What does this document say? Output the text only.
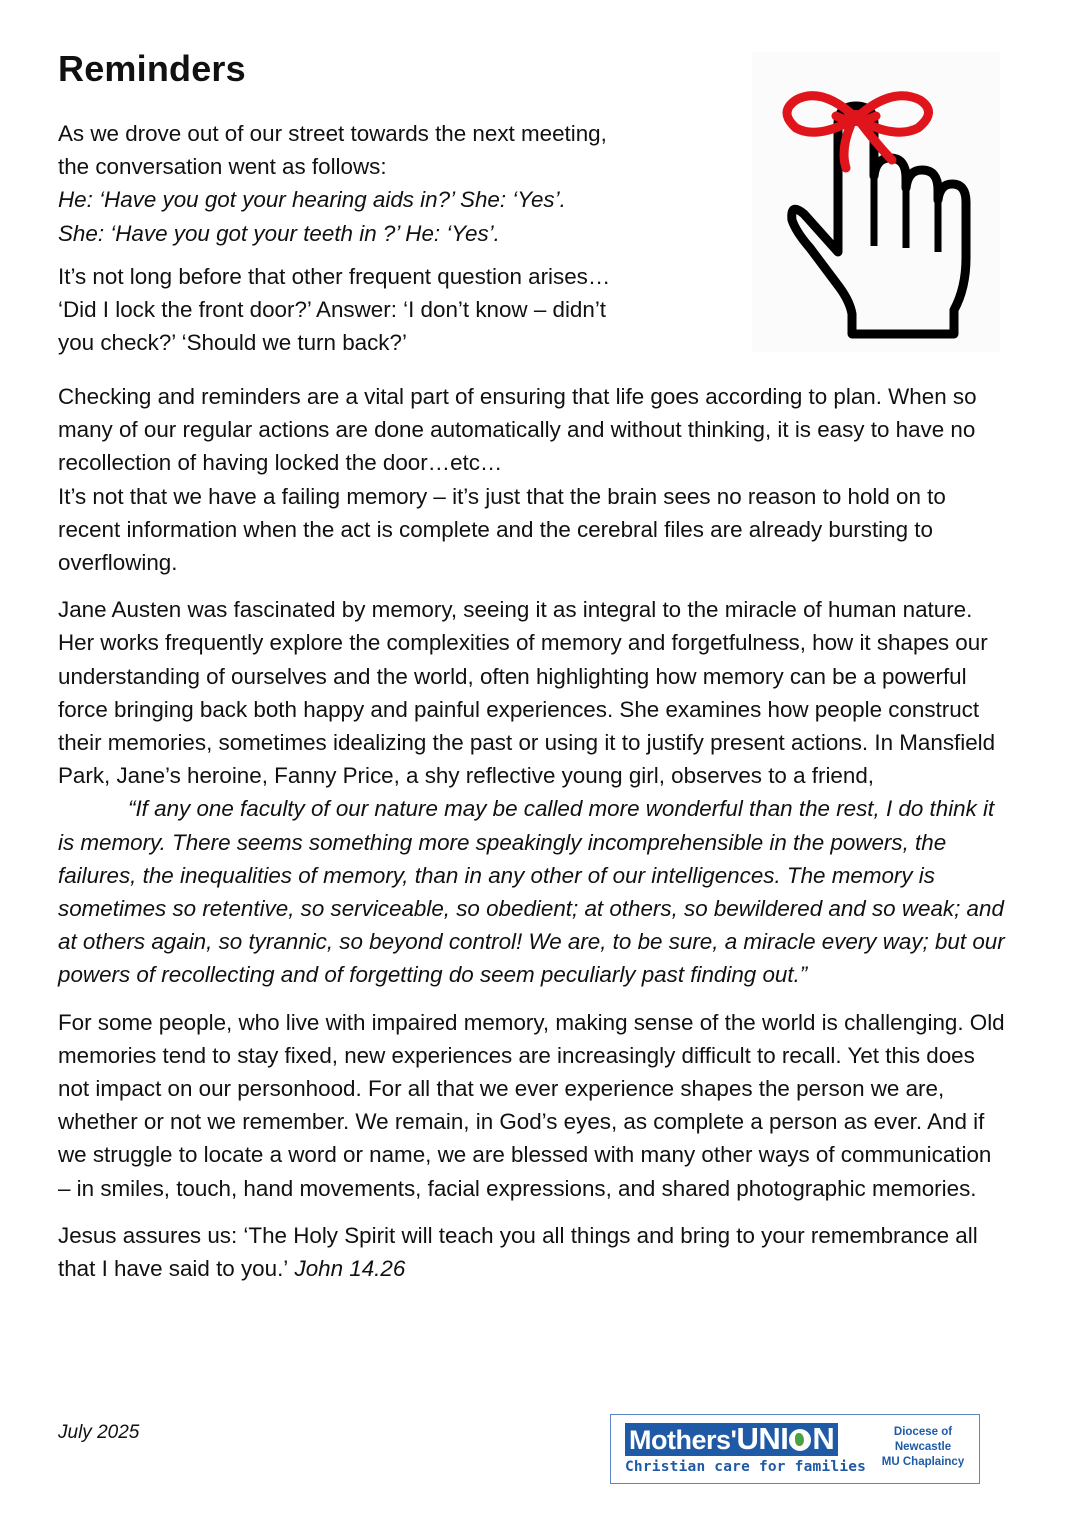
Reminders

As we drove out of our street towards the next meeting,
the conversation went as follows:
He: ‘Have you got your hearing aids in?’ She: ‘Yes’.
She: ‘Have you got your teeth in ?’ He: ‘Yes’.

It’s not long before that other frequent question arises…
‘Did I lock the front door?’ Answer: ‘I don’t know – didn’t
you check?’ ‘Should we turn back?’

Checking and reminders are a vital part of ensuring that life goes according to plan. When so many of our regular actions are done automatically and without thinking, it is easy to have no recollection of having locked the door…etc…
It’s not that we have a failing memory – it’s just that the brain sees no reason to hold on to recent information when the act is complete and the cerebral files are already bursting to overflowing.

Jane Austen was fascinated by memory, seeing it as integral to the miracle of human nature. Her works frequently explore the complexities of memory and forgetfulness, how it shapes our understanding of ourselves and the world, often highlighting how memory can be a powerful force bringing back both happy and painful experiences. She examines how people construct their memories, sometimes idealizing the past or using it to justify present actions. In Mansfield Park, Jane’s heroine, Fanny Price, a shy reflective young girl, observes to a friend,
“If any one faculty of our nature may be called more wonderful than the rest, I do think it is memory. There seems something more speakingly incomprehensible in the powers, the failures, the inequalities of memory, than in any other of our intelligences. The memory is sometimes so retentive, so serviceable, so obedient; at others, so bewildered and so weak; and at others again, so tyrannic, so beyond control! We are, to be sure, a miracle every way; but our powers of recollecting and of forgetting do seem peculiarly past finding out.”

For some people, who live with impaired memory, making sense of the world is challenging. Old memories tend to stay fixed, new experiences are increasingly difficult to recall. Yet this does not impact on our personhood. For all that we ever experience shapes the person we are, whether or not we remember. We remain, in God’s eyes, as complete a person as ever. And if we struggle to locate a word or name, we are blessed with many other ways of communication – in smiles, touch, hand movements, facial expressions, and shared photographic memories.

Jesus assures us: ‘The Holy Spirit will teach you all things and bring to your remembrance all that I have said to you.’ John 14.26

July 2025	Mothers'UNI N
Christian care for families
Diocese of
Newcastle
MU Chaplaincy
